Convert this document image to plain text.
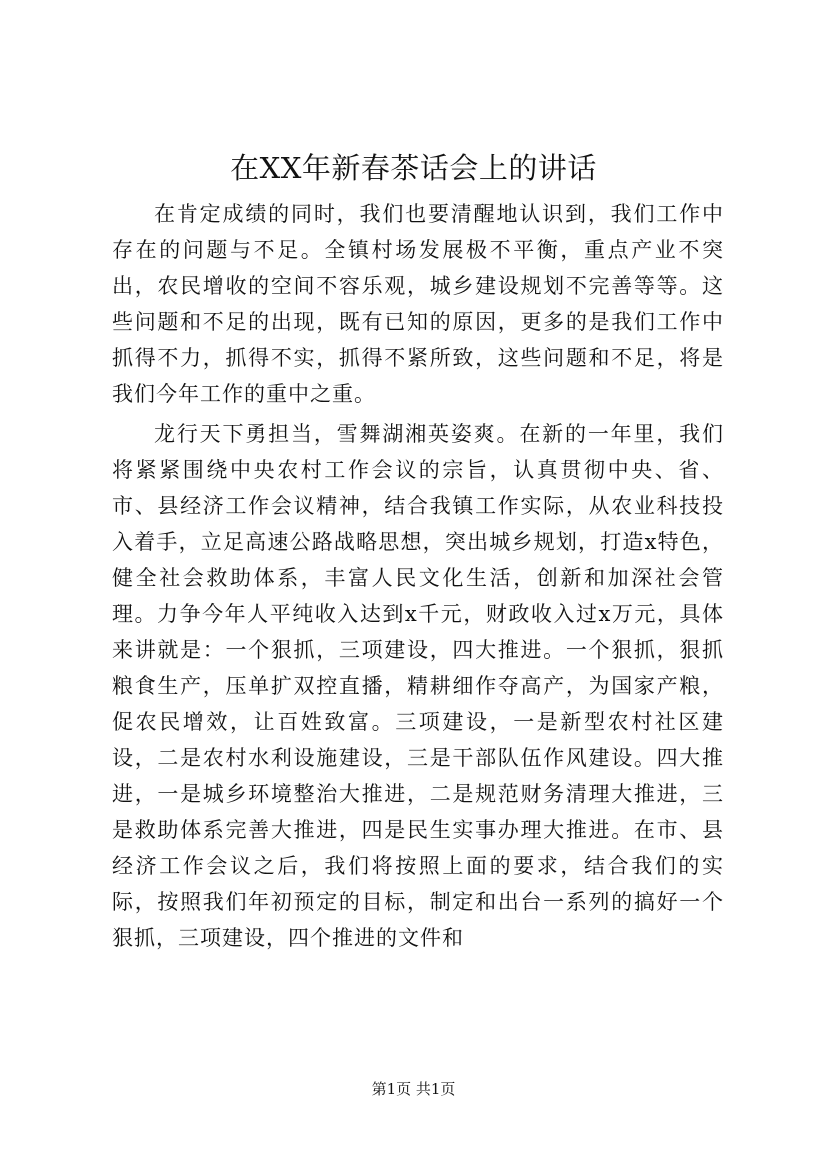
在XX年新春茶话会上的讲话

在肯定成绩的同时，我们也要清醒地认识到，我们工作中存在的问题与不足。全镇村场发展极不平衡，重点产业不突出，农民增收的空间不容乐观，城乡建设规划不完善等等。这些问题和不足的出现，既有已知的原因，更多的是我们工作中抓得不力，抓得不实，抓得不紧所致，这些问题和不足，将是我们今年工作的重中之重。

龙行天下勇担当，雪舞湖湘英姿爽。在新的一年里，我们将紧紧围绕中央农村工作会议的宗旨，认真贯彻中央、省、市、县经济工作会议精神，结合我镇工作实际，从农业科技投入着手，立足高速公路战略思想，突出城乡规划，打造x特色，健全社会救助体系，丰富人民文化生活，创新和加深社会管理。力争今年人平纯收入达到x千元，财政收入过x万元，具体来讲就是：一个狠抓，三项建设，四大推进。一个狠抓，狠抓粮食生产，压单扩双控直播，精耕细作夺高产，为国家产粮，促农民增效，让百姓致富。三项建设，一是新型农村社区建设，二是农村水利设施建设，三是干部队伍作风建设。四大推进，一是城乡环境整治大推进，二是规范财务清理大推进，三是救助体系完善大推进，四是民生实事办理大推进。在市、县经济工作会议之后，我们将按照上面的要求，结合我们的实际，按照我们年初预定的目标，制定和出台一系列的搞好一个狠抓，三项建设，四个推进的文件和

第1页 共1页
